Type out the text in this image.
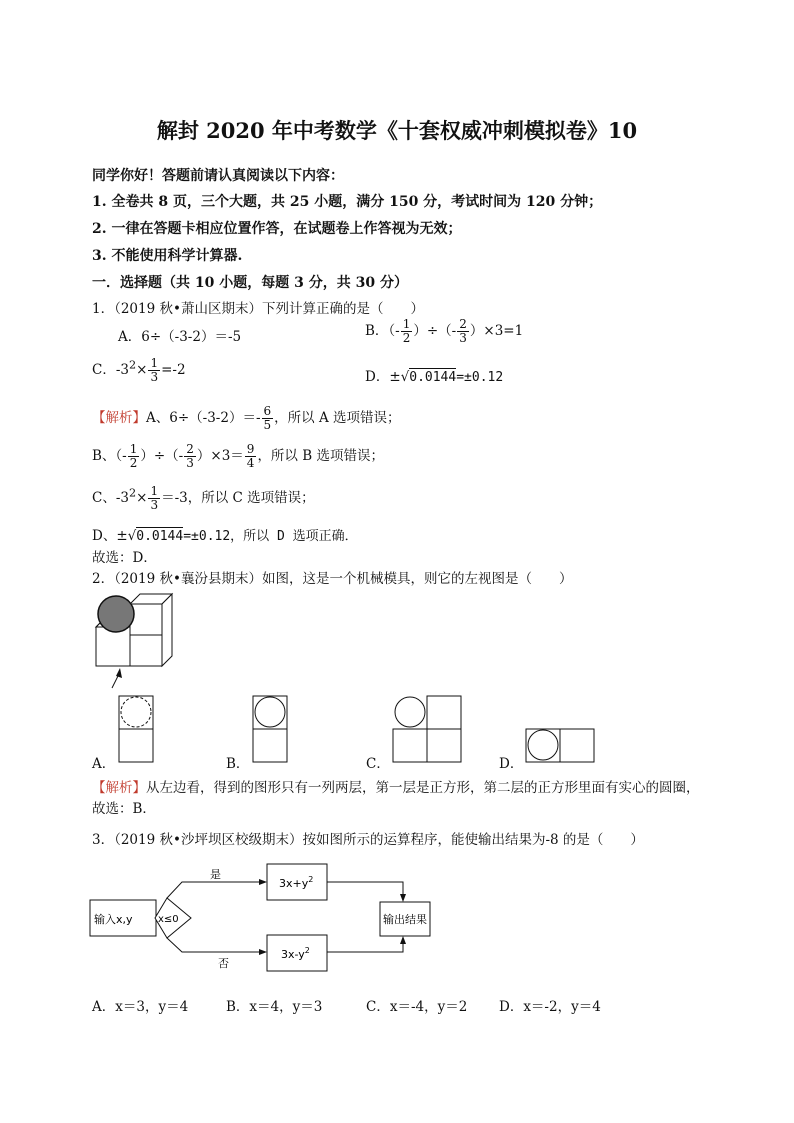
解封 2020 年中考数学《十套权威冲刺模拟卷》10
同学你好！答题前请认真阅读以下内容：
1. 全卷共 8 页，三个大题，共 25 小题，满分 150 分，考试时间为 120 分钟；
2. 一律在答题卡相应位置作答，在试题卷上作答视为无效；
3. 不能使用科学计算器.
一．选择题（共 10 小题，每题 3 分，共 30 分）
1．（2019 秋•萧山区期末）下列计算正确的是（　　）
A．6÷（-3-2）＝-5	B．（- $\frac{1}{2}$ ）÷（- $\frac{2}{3} )\times 3=1$
C．$-3^2\times \frac{1}{3} =-2$	D．±√0.0144=±0.12
【解析】A、$6\div(-3-2)=- \frac{6}{5}$ ，所以 A 选项错误；
B、（- $\frac{1}{2}$ ）÷（- $\frac{2}{3} )\times 3= \frac{9}{4}$ ，所以 B 选项错误；
C、$-3^2\times \frac{1}{3} =-3$，所以 C 选项错误；
D、±√0.0144=±0.12，所以 D 选项正确．
故选：D．
2．（2019 秋•襄汾县期末）如图，这是一个机械模具，则它的左视图是（　　）
A．	B．	C．	D．
【解析】从左边看，得到的图形只有一列两层，第一层是正方形，第二层的正方形里面有实心的圆圈，
故选：B．
3．（2019 秋•沙坪坝区校级期末）按如图所示的运算程序，能使输出结果为-8 的是（　　）
输入x,y	x≤0
是
否
$3x+y^2$
$3x-y^2$
输出结果
A．x＝3，y＝4	B．x＝4，y＝3	C．x＝-4，y＝2 D．x＝-2，y＝4
